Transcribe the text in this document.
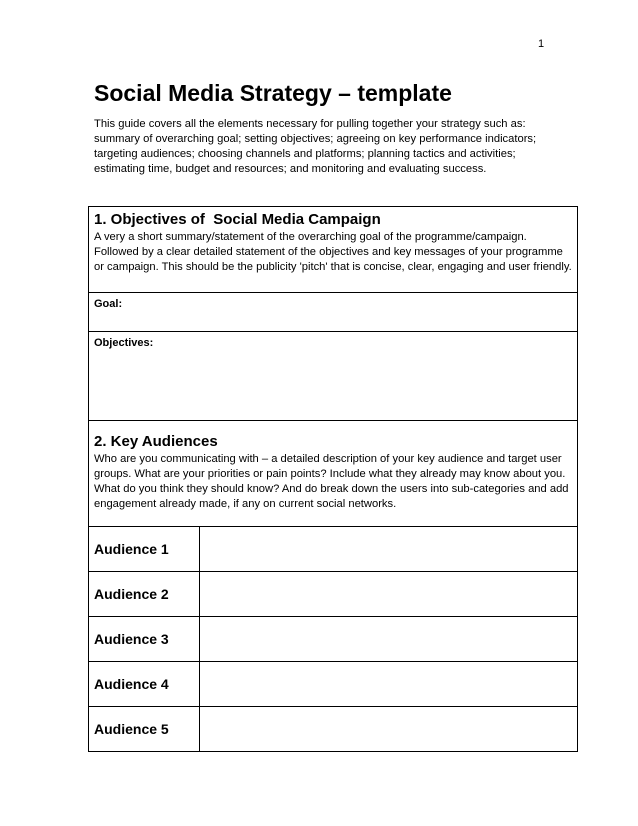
1
Social Media Strategy – template

This guide covers all the elements necessary for pulling together your strategy such as: summary of overarching goal; setting objectives; agreeing on key performance indicators; targeting audiences; choosing channels and platforms; planning tactics and activities; estimating time, budget and resources; and monitoring and evaluating success.

1. Objectives of  Social Media Campaign

A very a short summary/statement of the overarching goal of the programme/campaign. Followed by a clear detailed statement of the objectives and key messages of your programme or campaign. This should be the publicity 'pitch' that is concise, clear, engaging and user friendly.	

Goal:	

Objectives:	

2. Key Audiences

Who are you communicating with – a detailed description of your key audience and target user groups. What are your priorities or pain points? Include what they already may know about you. What do you think they should know? And do break down the users into sub-categories and add engagement already made, if any on current social networks.	

Audience 1	
Audience 2	
Audience 3	
Audience 4	
Audience 5	
